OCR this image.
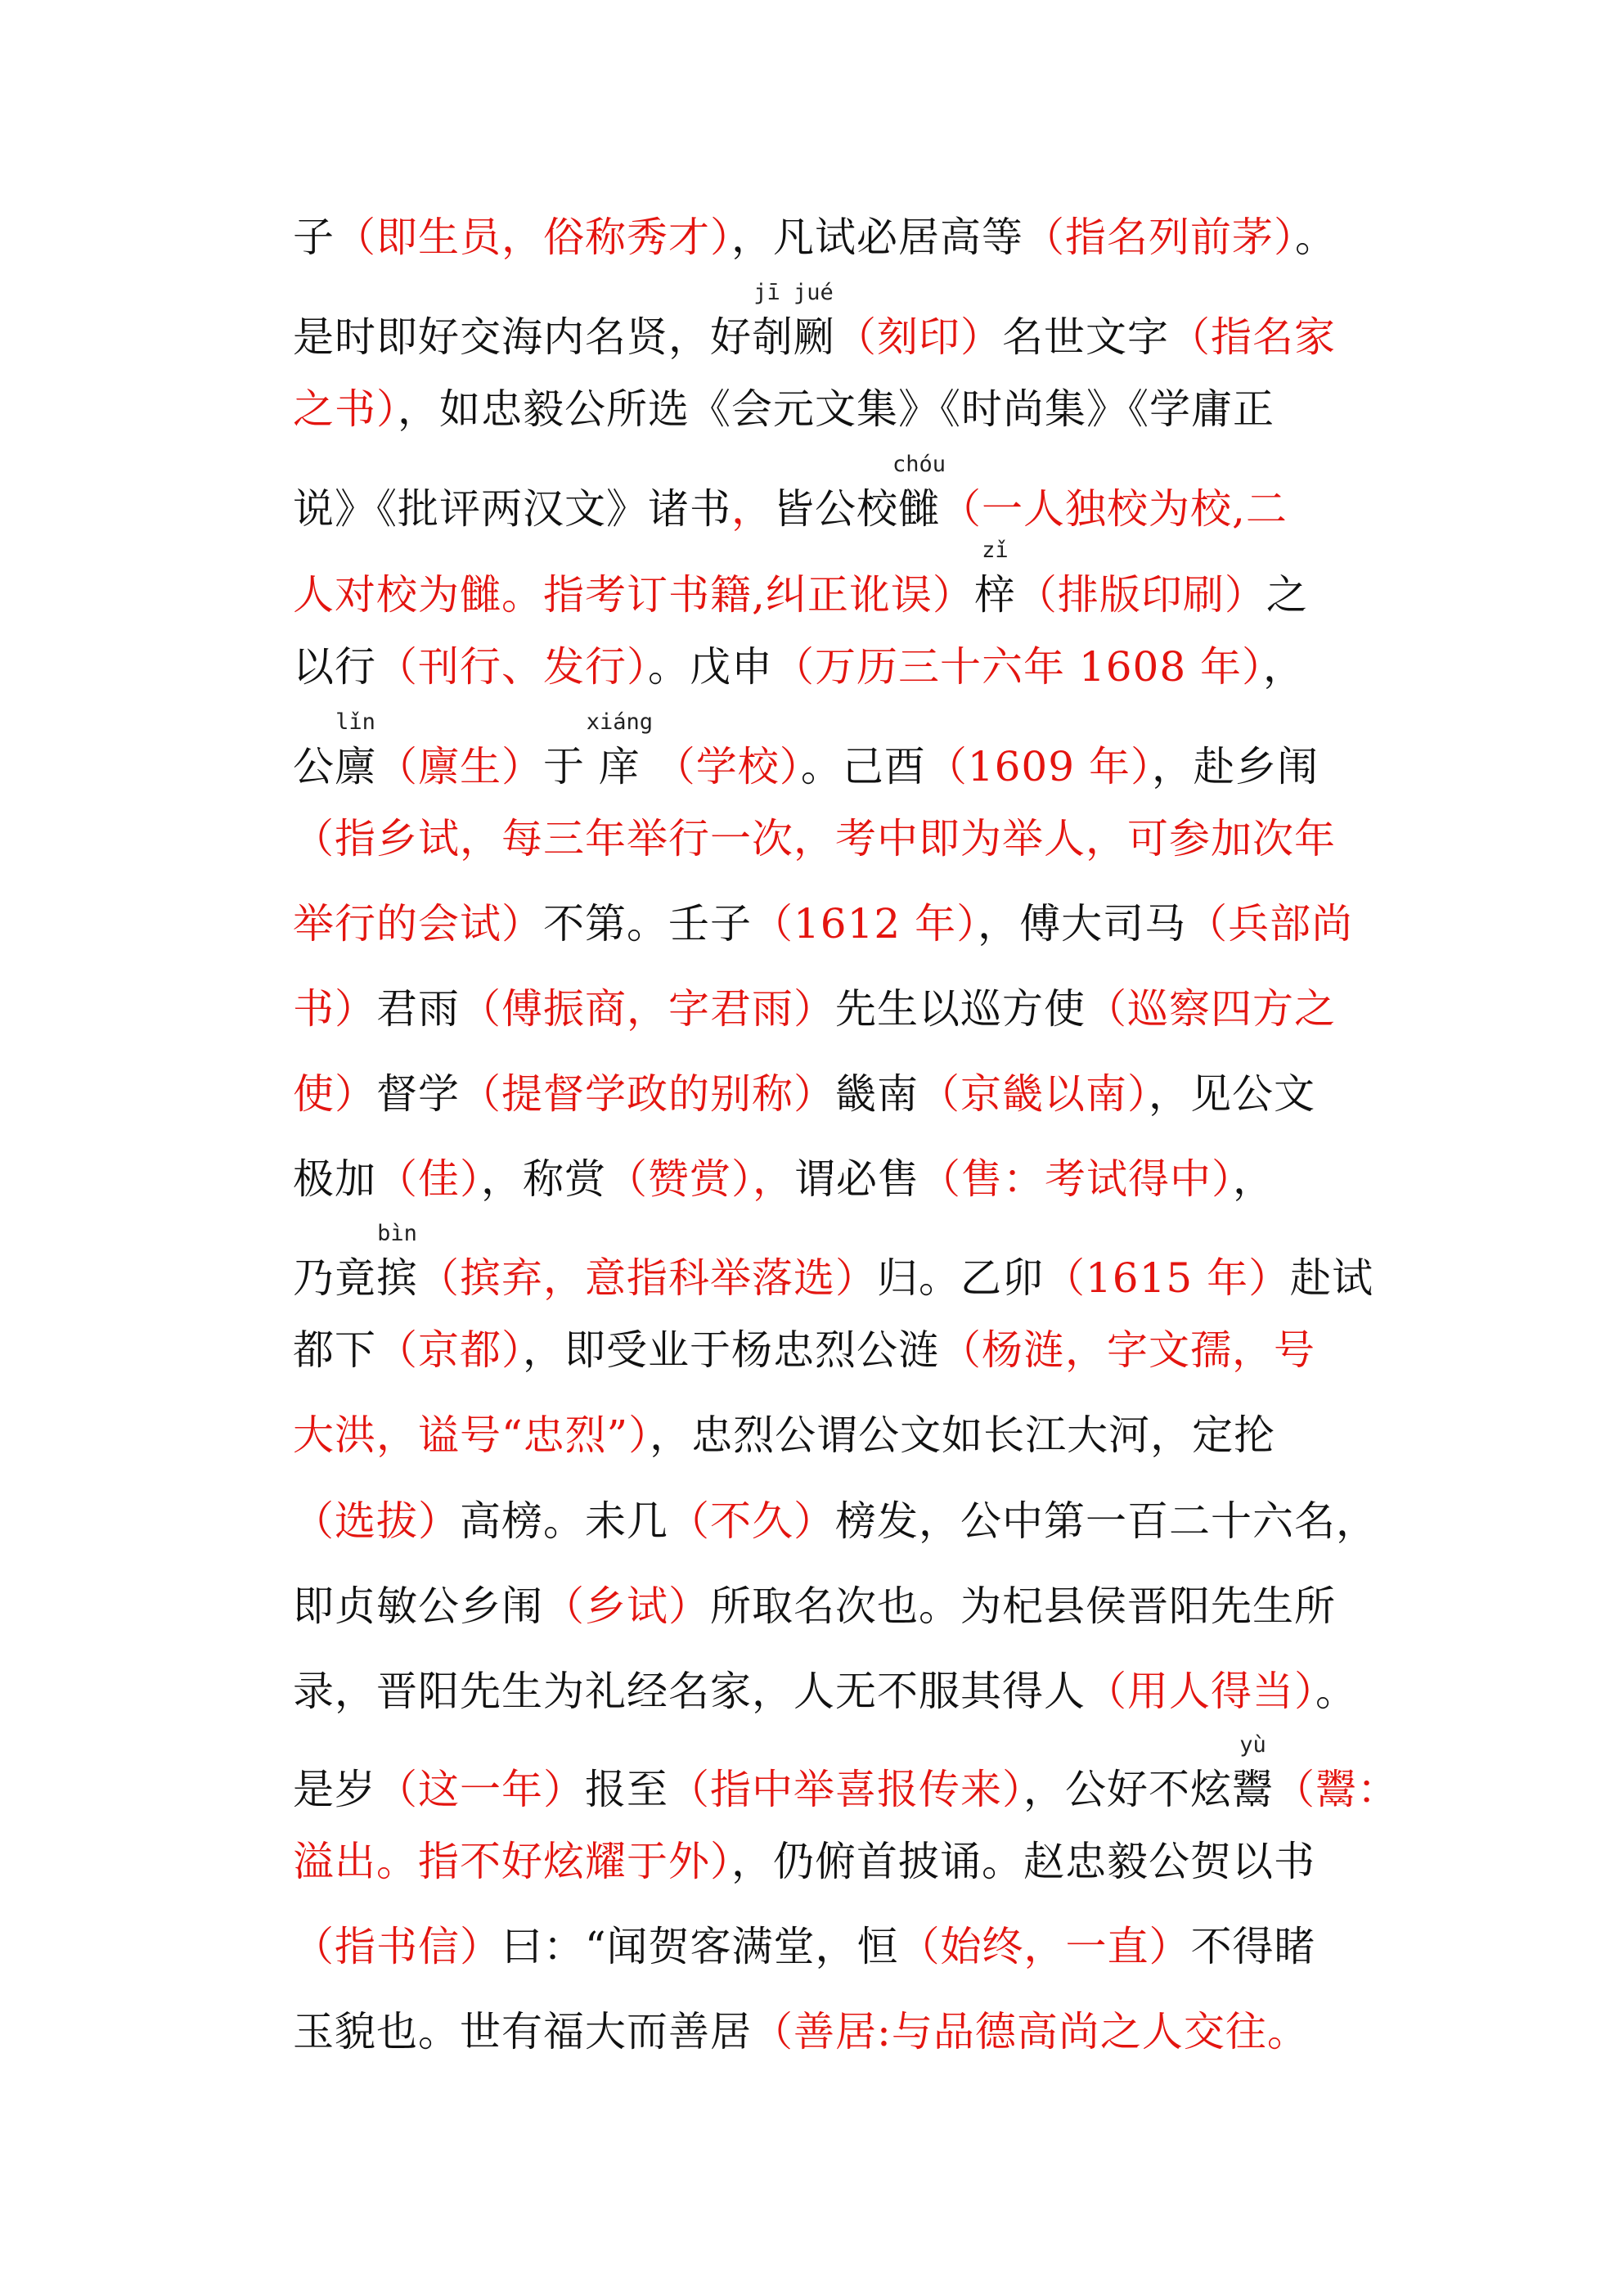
子（即生员，俗称秀才），凡试必居高等（指名列前茅）。
是时即好交海内名贤，好
jī jué
剞劂（刻印）名世文字（指名家
之书），如忠毅公所选《会元文集》《时尚集》《学庸正
说》《批评两汉文》诸书，皆公校
chóu
雠（一人独校为校,二
人对校为雠。指考订书籍,纠正讹误）
zǐ
梓（排版印刷）之
以行（刊行、发行）。戊申（万历三十六年 1608 年），
公
lǐn
廪（廪生）于
xiáng
庠 （学校）。己酉（1609 年），赴乡闱
（指乡试，每三年举行一次，考中即为举人，可参加次年
举行的会试）不第。壬子（1612 年），傅大司马（兵部尚
书）君雨（傅振商，字君雨）先生以巡方使（巡察四方之
使）督学（提督学政的别称）畿南（京畿以南），见公文
极加（佳），称赏（赞赏），谓必售（售：考试得中），
乃竟
bìn
摈（摈弃，意指科举落选）归。乙卯（1615 年）赴试
都下（京都），即受业于杨忠烈公涟（杨涟，字文孺，号
大洪，谥号“忠烈”），忠烈公谓公文如长江大河，定抡
（选拔）高榜。未几（不久）榜发，公中第一百二十六名，
即贞敏公乡闱（乡试）所取名次也。为杞县侯晋阳先生所
录，晋阳先生为礼经名家，人无不服其得人（用人得当）。
是岁（这一年）报至（指中举喜报传来），公好不炫
yù
鬻（鬻：
溢出。指不好炫耀于外），仍俯首披诵。赵忠毅公贺以书
（指书信）曰：“闻贺客满堂，恒（始终，一直）不得睹
玉貌也。世有福大而善居（善居:与品德高尚之人交往。
